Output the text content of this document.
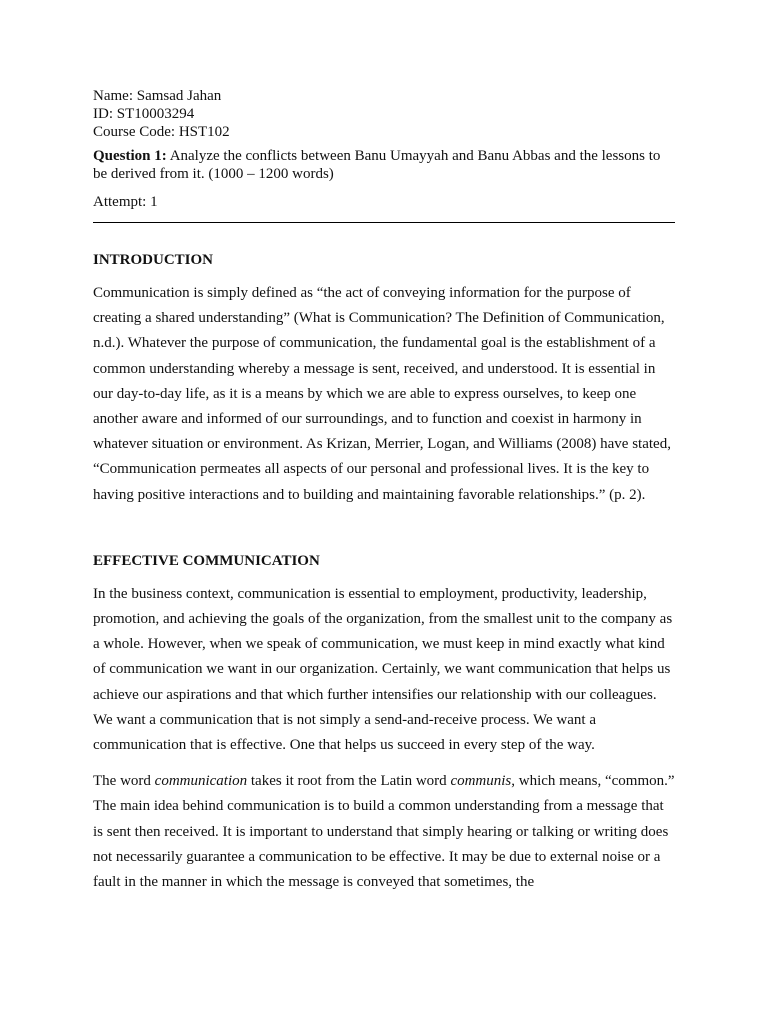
Name: Samsad Jahan

ID: ST10003294

Course Code: HST102

Question 1: Analyze the conflicts between Banu Umayyah and Banu Abbas and the lessons to be derived from it. (1000 – 1200 words)

Attempt: 1

INTRODUCTION

Communication is simply defined as “the act of conveying information for the purpose of creating a shared understanding” (What is Communication? The Definition of Communication, n.d.). Whatever the purpose of communication, the fundamental goal is the establishment of a common understanding whereby a message is sent, received, and understood. It is essential in our day-to-day life, as it is a means by which we are able to express ourselves, to keep one another aware and informed of our surroundings, and to function and coexist in harmony in whatever situation or environment. As Krizan, Merrier, Logan, and Williams (2008) have stated, “Communication permeates all aspects of our personal and professional lives. It is the key to having positive interactions and to building and maintaining favorable relationships.” (p. 2).

EFFECTIVE COMMUNICATION

In the business context, communication is essential to employment, productivity, leadership, promotion, and achieving the goals of the organization, from the smallest unit to the company as a whole. However, when we speak of communication, we must keep in mind exactly what kind of communication we want in our organization. Certainly, we want communication that helps us achieve our aspirations and that which further intensifies our relationship with our colleagues. We want a communication that is not simply a send-and-receive process. We want a communication that is effective. One that helps us succeed in every step of the way.

The word communication takes it root from the Latin word communis, which means, “common.” The main idea behind communication is to build a common understanding from a message that is sent then received. It is important to understand that simply hearing or talking or writing does not necessarily guarantee a communication to be effective. It may be due to external noise or a fault in the manner in which the message is conveyed that sometimes, the
